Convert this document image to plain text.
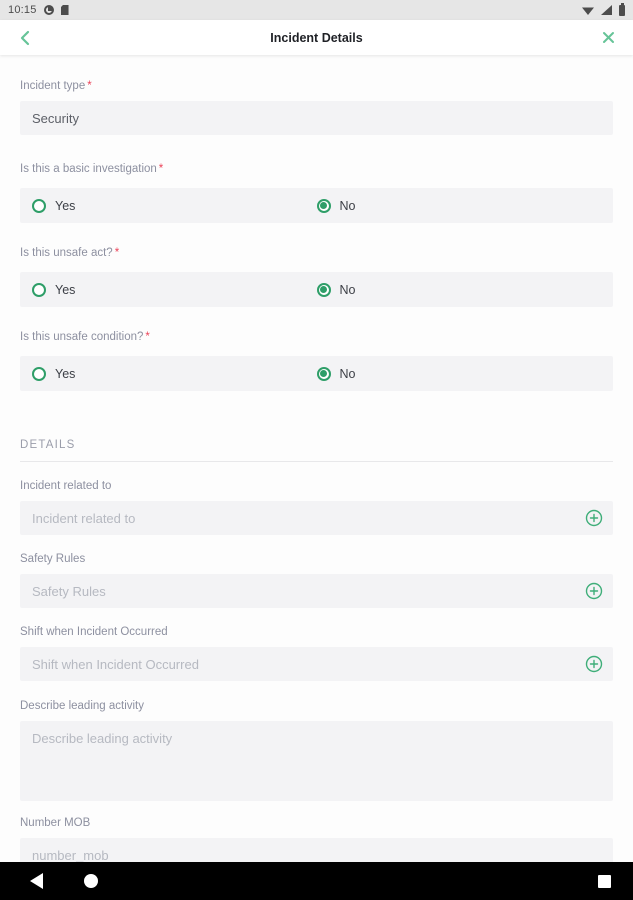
10:15
Incident Details
Incident type *
Security
Is this a basic investigation *
Yes	No
Is this unsafe act? *
Yes	No
Is this unsafe condition? *
Yes	No
DETAILS
Incident related to
Incident related to
Safety Rules
Safety Rules
Shift when Incident Occurred
Shift when Incident Occurred
Describe leading activity
Describe leading activity
Number MOB
number_mob
